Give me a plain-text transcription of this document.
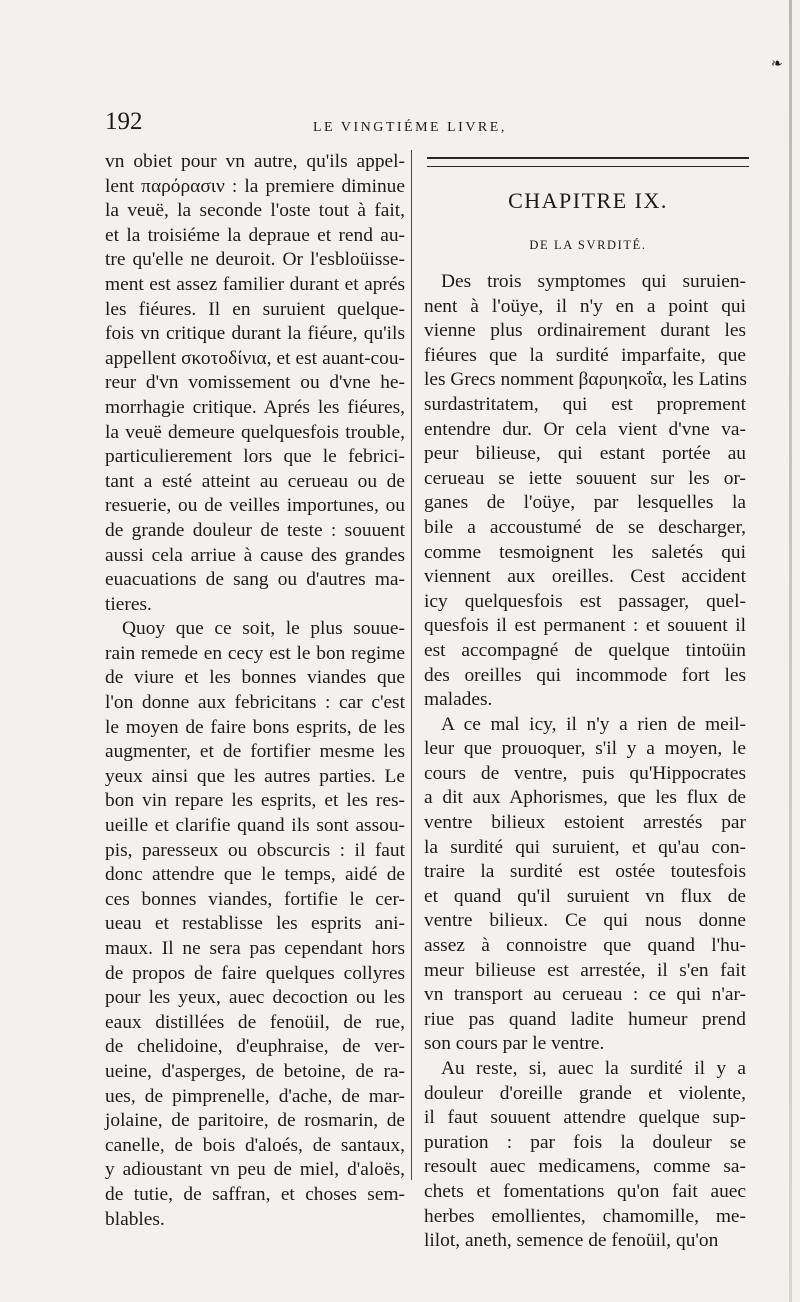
192	LE VINGTIÉME LIVRE,
❧

vn obiet pour vn autre, qu'ils appel-
lent παρόρασιν : la premiere diminue
la veuë, la seconde l'oste tout à fait,
et la troisiéme la depraue et rend au-
tre qu'elle ne deuroit. Or l'esbloüisse-
ment est assez familier durant et aprés
les fiéures. Il en suruient quelque-
fois vn critique durant la fiéure, qu'ils
appellent σκοτοδίνια, et est auant-cou-
reur d'vn vomissement ou d'vne he-
morrhagie critique. Aprés les fiéures,
la veuë demeure quelquesfois trouble,
particulierement lors que le febrici-
tant a esté atteint au cerueau ou de
resuerie, ou de veilles importunes, ou
de grande douleur de teste : souuent
aussi cela arriue à cause des grandes
euacuations de sang ou d'autres ma-
tieres.

Quoy que ce soit, le plus souue-
rain remede en cecy est le bon regime
de viure et les bonnes viandes que
l'on donne aux febricitans : car c'est
le moyen de faire bons esprits, de les
augmenter, et de fortifier mesme les
yeux ainsi que les autres parties. Le
bon vin repare les esprits, et les res-
ueille et clarifie quand ils sont assou-
pis, paresseux ou obscurcis : il faut
donc attendre que le temps, aidé de
ces bonnes viandes, fortifie le cer-
ueau et restablisse les esprits ani-
maux. Il ne sera pas cependant hors
de propos de faire quelques collyres
pour les yeux, auec decoction ou les
eaux distillées de fenoüil, de rue,
de chelidoine, d'euphraise, de ver-
ueine, d'asperges, de betoine, de ra-
ues, de pimprenelle, d'ache, de mar-
jolaine, de paritoire, de rosmarin, de
canelle, de bois d'aloés, de santaux,
y adioustant vn peu de miel, d'aloës,
de tutie, de saffran, et choses sem-
blables.

CHAPITRE IX.
DE LA SVRDITÉ.

Des trois symptomes qui suruien-
nent à l'oüye, il n'y en a point qui
vienne plus ordinairement durant les
fiéures que la surdité imparfaite, que
les Grecs nomment βαρυηκοΐα, les Latins
surdastritatem, qui est proprement
entendre dur. Or cela vient d'vne va-
peur bilieuse, qui estant portée au
cerueau se iette souuent sur les or-
ganes de l'oüye, par lesquelles la
bile a accoustumé de se descharger,
comme tesmoignent les saletés qui
viennent aux oreilles. Cest accident
icy quelquesfois est passager, quel-
quesfois il est permanent : et souuent il
est accompagné de quelque tintoüin
des oreilles qui incommode fort les
malades.

A ce mal icy, il n'y a rien de meil-
leur que prouoquer, s'il y a moyen, le
cours de ventre, puis qu'Hippocrates
a dit aux Aphorismes, que les flux de
ventre bilieux estoient arrestés par
la surdité qui suruient, et qu'au con-
traire la surdité est ostée toutesfois
et quand qu'il suruient vn flux de
ventre bilieux. Ce qui nous donne
assez à connoistre que quand l'hu-
meur bilieuse est arrestée, il s'en fait
vn transport au cerueau : ce qui n'ar-
riue pas quand ladite humeur prend
son cours par le ventre.

Au reste, si, auec la surdité il y a
douleur d'oreille grande et violente,
il faut souuent attendre quelque sup-
puration : par fois la douleur se
resoult auec medicamens, comme sa-
chets et fomentations qu'on fait auec
herbes emollientes, chamomille, me-
lilot, aneth, semence de fenoüil, qu'on
